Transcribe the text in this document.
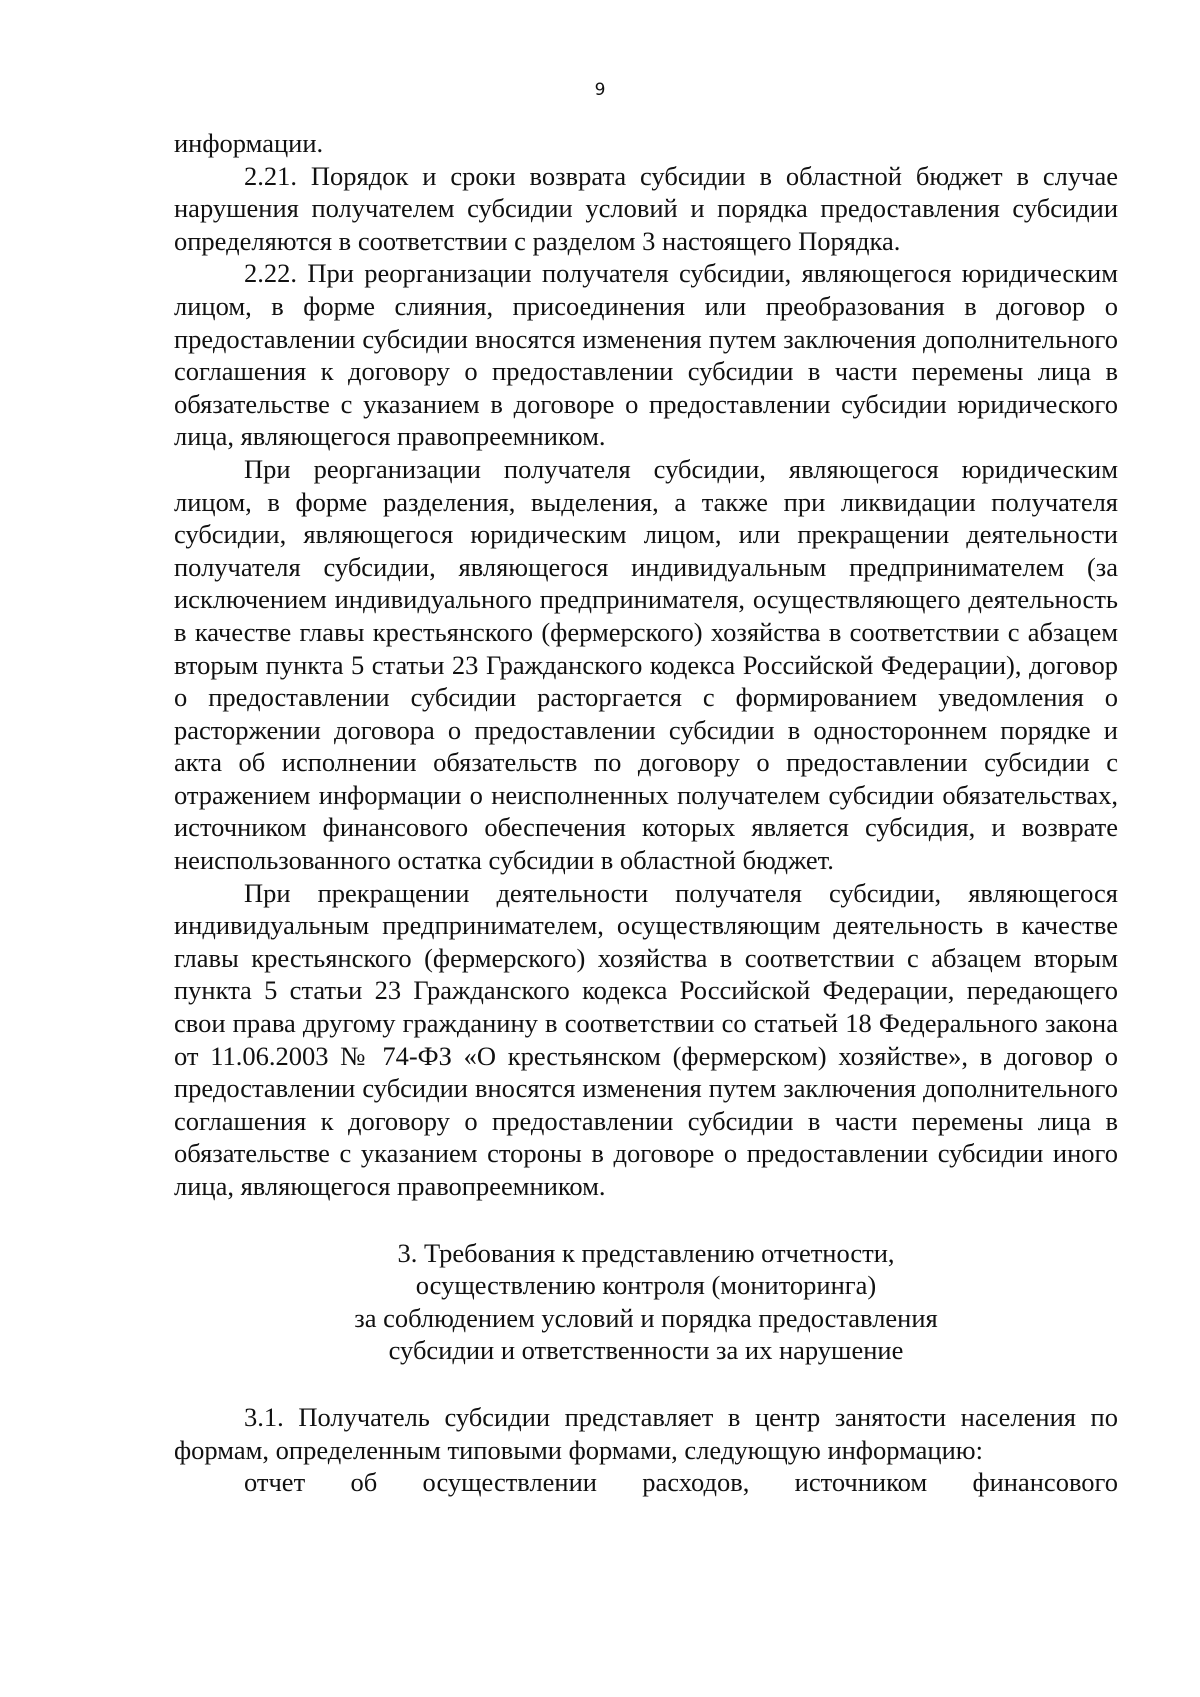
9

информации.

2.21. Порядок и сроки возврата субсидии в областной бюджет в случае нарушения получателем субсидии условий и порядка предоставления субсидии определяются в соответствии с разделом 3 настоящего Порядка.

2.22. При реорганизации получателя субсидии, являющегося юридическим лицом, в форме слияния, присоединения или преобразования в договор о предоставлении субсидии вносятся изменения путем заключения дополнительного соглашения к договору о предоставлении субсидии в части перемены лица в обязательстве с указанием в договоре о предоставлении субсидии юридического лица, являющегося правопреемником.

При реорганизации получателя субсидии, являющегося юридическим лицом, в форме разделения, выделения, а также при ликвидации получателя субсидии, являющегося юридическим лицом, или прекращении деятельности получателя субсидии, являющегося индивидуальным предпринимателем (за исключением индивидуального предпринимателя, осуществляющего деятельность в качестве главы крестьянского (фермерского) хозяйства в соответствии с абзацем вторым пункта 5 статьи 23 Гражданского кодекса Российской Федерации), договор о предоставлении субсидии расторгается с формированием уведомления о расторжении договора о предоставлении субсидии в одностороннем порядке и акта об исполнении обязательств по договору о предоставлении субсидии с отражением информации о неисполненных получателем субсидии обязательствах, источником финансового обеспечения которых является субсидия, и возврате неиспользованного остатка субсидии в областной бюджет.

При прекращении деятельности получателя субсидии, являющегося индивидуальным предпринимателем, осуществляющим деятельность в качестве главы крестьянского (фермерского) хозяйства в соответствии с абзацем вторым пункта 5 статьи 23 Гражданского кодекса Российской Федерации, передающего свои права другому гражданину в соответствии со статьей 18 Федерального закона от 11.06.2003 № 74-ФЗ «О крестьянском (фермерском) хозяйстве», в договор о предоставлении субсидии вносятся изменения путем заключения дополнительного соглашения к договору о предоставлении субсидии в части перемены лица в обязательстве с указанием стороны в договоре о предоставлении субсидии иного лица, являющегося правопреемником.

3. Требования к представлению отчетности,
осуществлению контроля (мониторинга)
за соблюдением условий и порядка предоставления
субсидии и ответственности за их нарушение

3.1. Получатель субсидии представляет в центр занятости населения по формам, определенным типовыми формами, следующую информацию:

отчет об осуществлении расходов, источником финансового
